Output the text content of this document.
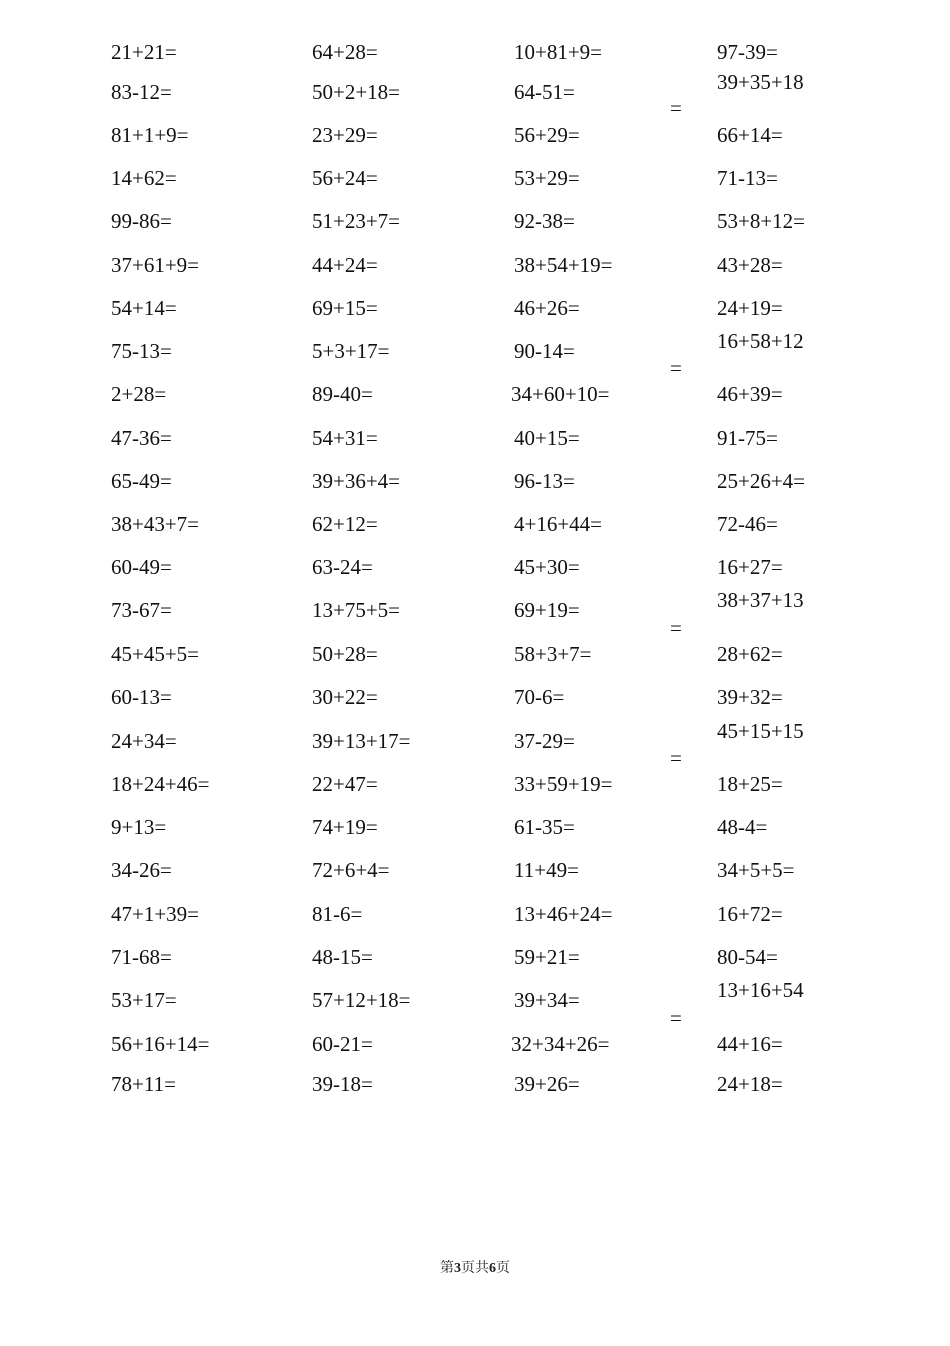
21+21=
83-12=
81+1+9=
14+62=
99-86=
37+61+9=
54+14=
75-13=
2+28=
47-36=
65-49=
38+43+7=
60-49=
73-67=
45+45+5=
60-13=
24+34=
18+24+46=
9+13=
34-26=
47+1+39=
71-68=
53+17=
56+16+14=
78+11=
64+28=
50+2+18=
23+29=
56+24=
51+23+7=
44+24=
69+15=
5+3+17=
89-40=
54+31=
39+36+4=
62+12=
63-24=
13+75+5=
50+28=
30+22=
39+13+17=
22+47=
74+19=
72+6+4=
81-6=
48-15=
57+12+18=
60-21=
39-18=
10+81+9=
64-51=
56+29=
53+29=
92-38=
38+54+19=
46+26=
90-14=
34+60+10=
40+15=
96-13=
4+16+44=
45+30=
69+19=
58+3+7=
70-6=
37-29=
33+59+19=
61-35=
11+49=
13+46+24=
59+21=
39+34=
32+34+26=
39+26=
97-39=
39+35+18
66+14=
71-13=
53+8+12=
43+28=
24+19=
16+58+12
46+39=
91-75=
25+26+4=
72-46=
16+27=
38+37+13
28+62=
39+32=
45+15+15
18+25=
48-4=
34+5+5=
16+72=
80-54=
13+16+54
44+16=
24+18=
=
=
=
=
=
第3页共6页
